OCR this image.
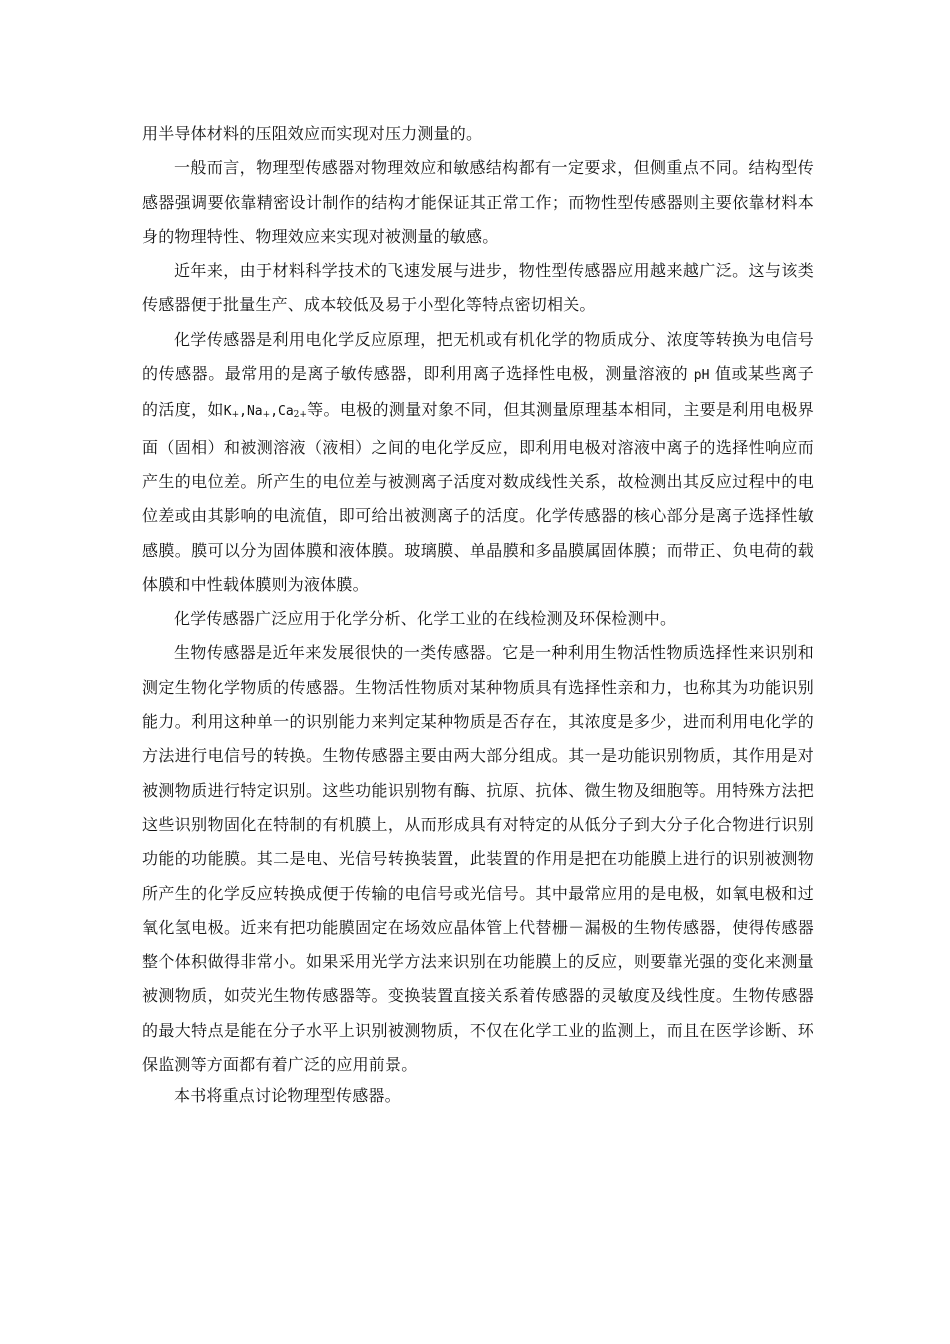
用半导体材料的压阻效应而实现对压力测量的。

一般而言，物理型传感器对物理效应和敏感结构都有一定要求，但侧重点不同。结构型传感器强调要依靠精密设计制作的结构才能保证其正常工作；而物性型传感器则主要依靠材料本身的物理特性、物理效应来实现对被测量的敏感。

近年来，由于材料科学技术的飞速发展与进步，物性型传感器应用越来越广泛。这与该类传感器便于批量生产、成本较低及易于小型化等特点密切相关。

化学传感器是利用电化学反应原理，把无机或有机化学的物质成分、浓度等转换为电信号的传感器。最常用的是离子敏传感器，即利用离子选择性电极，测量溶液的 pH 值或某些离子的活度，如$K_+,Na_+,Ca_{2+}$等。电极的测量对象不同，但其测量原理基本相同，主要是利用电极界面（固相）和被测溶液（液相）之间的电化学反应，即利用电极对溶液中离子的选择性响应而产生的电位差。所产生的电位差与被测离子活度对数成线性关系，故检测出其反应过程中的电位差或由其影响的电流值，即可给出被测离子的活度。化学传感器的核心部分是离子选择性敏感膜。膜可以分为固体膜和液体膜。玻璃膜、单晶膜和多晶膜属固体膜；而带正、负电荷的载体膜和中性载体膜则为液体膜。

化学传感器广泛应用于化学分析、化学工业的在线检测及环保检测中。

生物传感器是近年来发展很快的一类传感器。它是一种利用生物活性物质选择性来识别和测定生物化学物质的传感器。生物活性物质对某种物质具有选择性亲和力，也称其为功能识别能力。利用这种单一的识别能力来判定某种物质是否存在，其浓度是多少，进而利用电化学的方法进行电信号的转换。生物传感器主要由两大部分组成。其一是功能识别物质，其作用是对被测物质进行特定识别。这些功能识别物有酶、抗原、抗体、微生物及细胞等。用特殊方法把这些识别物固化在特制的有机膜上，从而形成具有对特定的从低分子到大分子化合物进行识别功能的功能膜。其二是电、光信号转换装置，此装置的作用是把在功能膜上进行的识别被测物所产生的化学反应转换成便于传输的电信号或光信号。其中最常应用的是电极，如氧电极和过氧化氢电极。近来有把功能膜固定在场效应晶体管上代替栅－漏极的生物传感器，使得传感器整个体积做得非常小。如果采用光学方法来识别在功能膜上的反应，则要靠光强的变化来测量被测物质，如荧光生物传感器等。变换装置直接关系着传感器的灵敏度及线性度。生物传感器的最大特点是能在分子水平上识别被测物质，不仅在化学工业的监测上，而且在医学诊断、环保监测等方面都有着广泛的应用前景。

本书将重点讨论物理型传感器。
